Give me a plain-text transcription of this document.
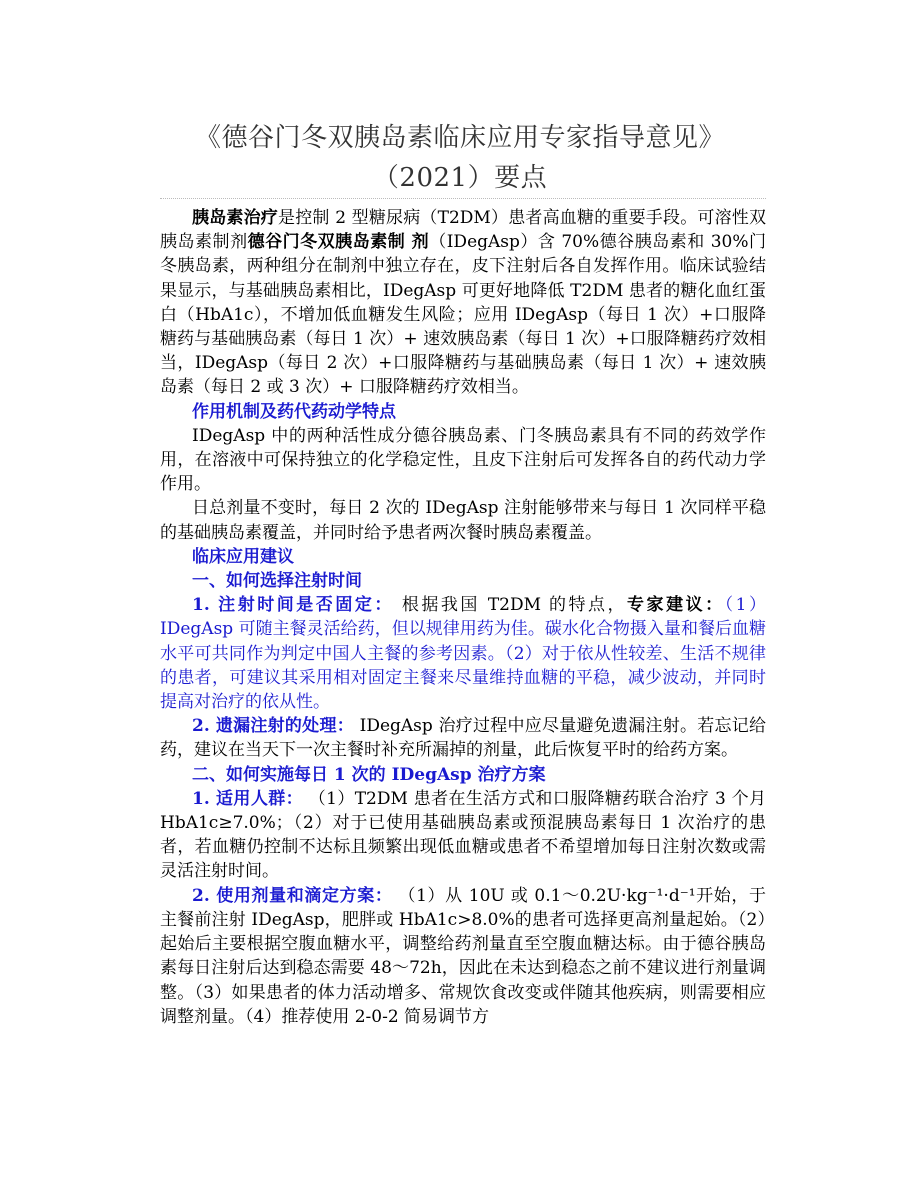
《德谷门冬双胰岛素临床应用专家指导意见》（2021）要点

胰岛素治疗是控制 2 型糖尿病（T2DM）患者高血糖的重要手段。可溶性双胰岛素制剂德谷门冬双胰岛素制 剂（IDegAsp）含 70%德谷胰岛素和 30%门冬胰岛素，两种组分在制剂中独立存在，皮下注射后各自发挥作用。临床试验结果显示，与基础胰岛素相比，IDegAsp 可更好地降低 T2DM 患者的糖化血红蛋白（HbA1c），不增加低血糖发生风险；应用 IDegAsp（每日 1 次）+口服降糖药与基础胰岛素（每日 1 次）+ 速效胰岛素（每日 1 次）+口服降糖药疗效相当，IDegAsp（每日 2 次）+口服降糖药与基础胰岛素（每日 1 次）+ 速效胰岛素（每日 2 或 3 次）+ 口服降糖药疗效相当。

作用机制及药代药动学特点

IDegAsp 中的两种活性成分德谷胰岛素、门冬胰岛素具有不同的药效学作用，在溶液中可保持独立的化学稳定性，且皮下注射后可发挥各自的药代动力学作用。

日总剂量不变时，每日 2 次的 IDegAsp 注射能够带来与每日 1 次同样平稳的基础胰岛素覆盖，并同时给予患者两次餐时胰岛素覆盖。

临床应用建议

一、如何选择注射时间

1. 注射时间是否固定： 根据我国 T2DM 的特点，专家建议：（1）IDegAsp 可随主餐灵活给药，但以规律用药为佳。碳水化合物摄入量和餐后血糖水平可共同作为判定中国人主餐的参考因素。（2）对于依从性较差、生活不规律的患者，可建议其采用相对固定主餐来尽量维持血糖的平稳，减少波动，并同时提高对治疗的依从性。

2. 遗漏注射的处理： IDegAsp 治疗过程中应尽量避免遗漏注射。若忘记给药，建议在当天下一次主餐时补充所漏掉的剂量，此后恢复平时的给药方案。

二、如何实施每日 1 次的 IDegAsp 治疗方案

1. 适用人群： （1）T2DM 患者在生活方式和口服降糖药联合治疗 3 个月 HbA1c≥7.0%；（2）对于已使用基础胰岛素或预混胰岛素每日 1 次治疗的患者，若血糖仍控制不达标且频繁出现低血糖或患者不希望增加每日注射次数或需灵活注射时间。

2. 使用剂量和滴定方案： （1）从 10U 或 0.1～0.2U·kg⁻¹·d⁻¹开始，于主餐前注射 IDegAsp，肥胖或 HbA1c>8.0%的患者可选择更高剂量起始。（2）起始后主要根据空腹血糖水平，调整给药剂量直至空腹血糖达标。由于德谷胰岛素每日注射后达到稳态需要 48～72h，因此在未达到稳态之前不建议进行剂量调整。（3）如果患者的体力活动增多、常规饮食改变或伴随其他疾病，则需要相应调整剂量。（4）推荐使用 2-0-2 简易调节方
